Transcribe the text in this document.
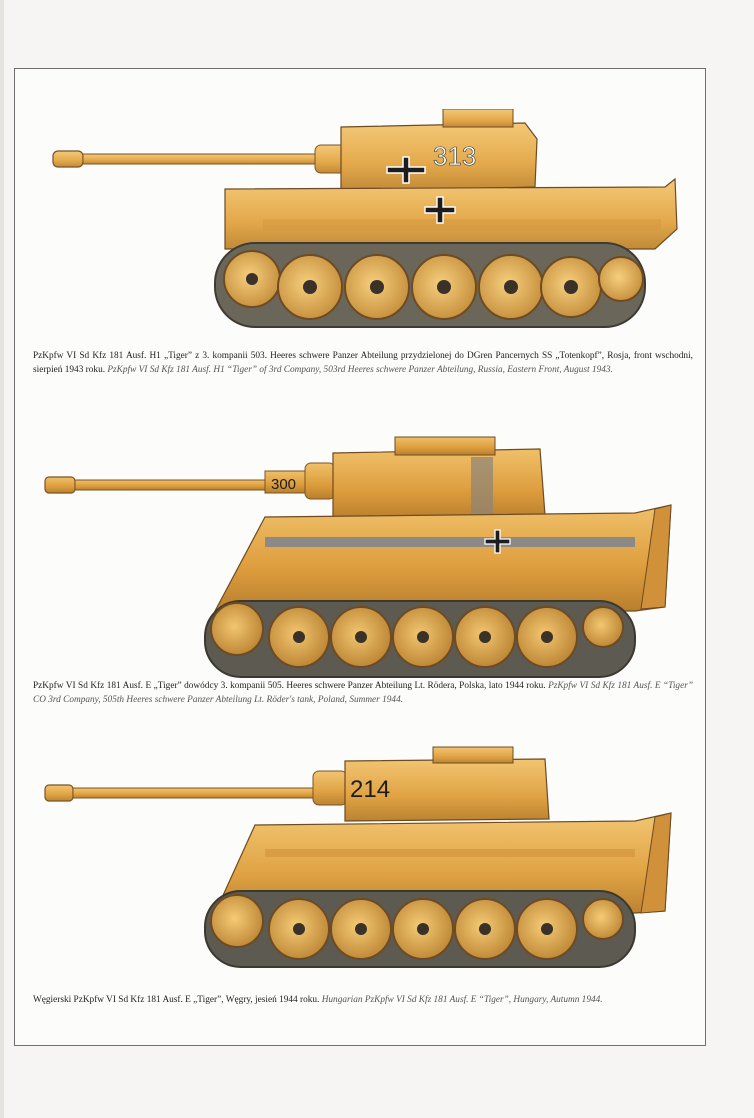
313
PzKpfw VI Sd Kfz 181 Ausf. H1 „Tiger” z 3. kompanii 503. Heeres schwere Panzer Abteilung przydzielonej do DGren Pancernych SS „Totenkopf”, Rosja, front wschodni, sierpień 1943 roku. PzKpfw VI Sd Kfz 181 Ausf. H1 “Tiger” of 3rd Company, 503rd Heeres schwere Panzer Abteilung, Russia, Eastern Front, August 1943.
300
PzKpfw VI Sd Kfz 181 Ausf. E „Tiger” dowódcy 3. kompanii 505. Heeres schwere Panzer Abteilung Lt. Rödera, Polska, lato 1944 roku. PzKpfw VI Sd Kfz 181 Ausf. E “Tiger” CO 3rd Company, 505th Heeres schwere Panzer Abteilung Lt. Röder's tank, Poland, Summer 1944.
214
Węgierski PzKpfw VI Sd Kfz 181 Ausf. E „Tiger”, Węgry, jesień 1944 roku. Hungarian PzKpfw VI Sd Kfz 181 Ausf. E “Tiger”, Hungary, Autumn 1944.
